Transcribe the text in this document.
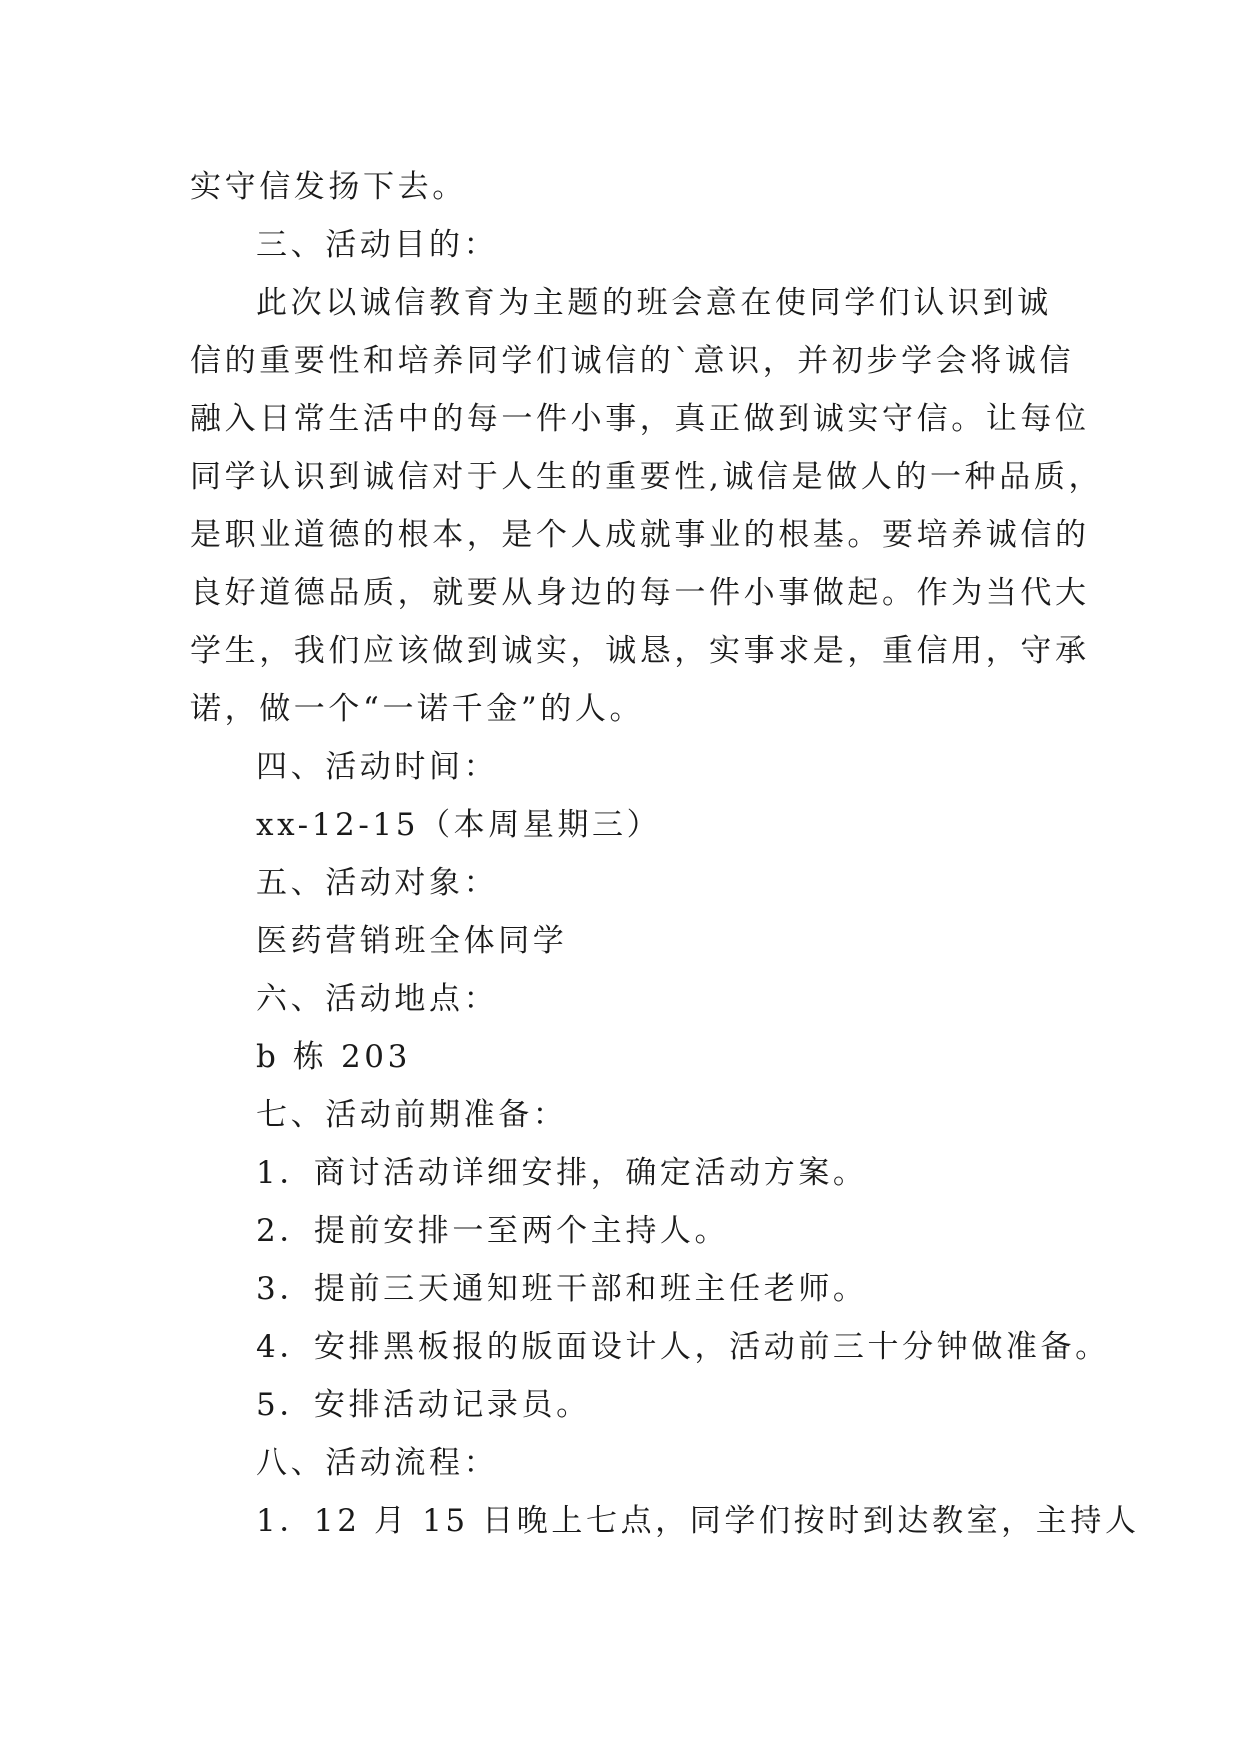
实守信发扬下去。
三、活动目的：
此次以诚信教育为主题的班会意在使同学们认识到诚
信的重要性和培养同学们诚信的`意识，并初步学会将诚信
融入日常生活中的每一件小事，真正做到诚实守信。让每位
同学认识到诚信对于人生的重要性,诚信是做人的一种品质，
是职业道德的根本，是个人成就事业的根基。要培养诚信的
良好道德品质，就要从身边的每一件小事做起。作为当代大
学生，我们应该做到诚实，诚恳，实事求是，重信用，守承
诺，做一个“一诺千金”的人。
四、活动时间：
xx-12-15（本周星期三）
五、活动对象：
医药营销班全体同学
六、活动地点：
b 栋 203
七、活动前期准备：
1．商讨活动详细安排，确定活动方案。
2．提前安排一至两个主持人。
3．提前三天通知班干部和班主任老师。
4．安排黑板报的版面设计人，活动前三十分钟做准备。
5．安排活动记录员。
八、活动流程：
1．12 月 15 日晚上七点，同学们按时到达教室，主持人
